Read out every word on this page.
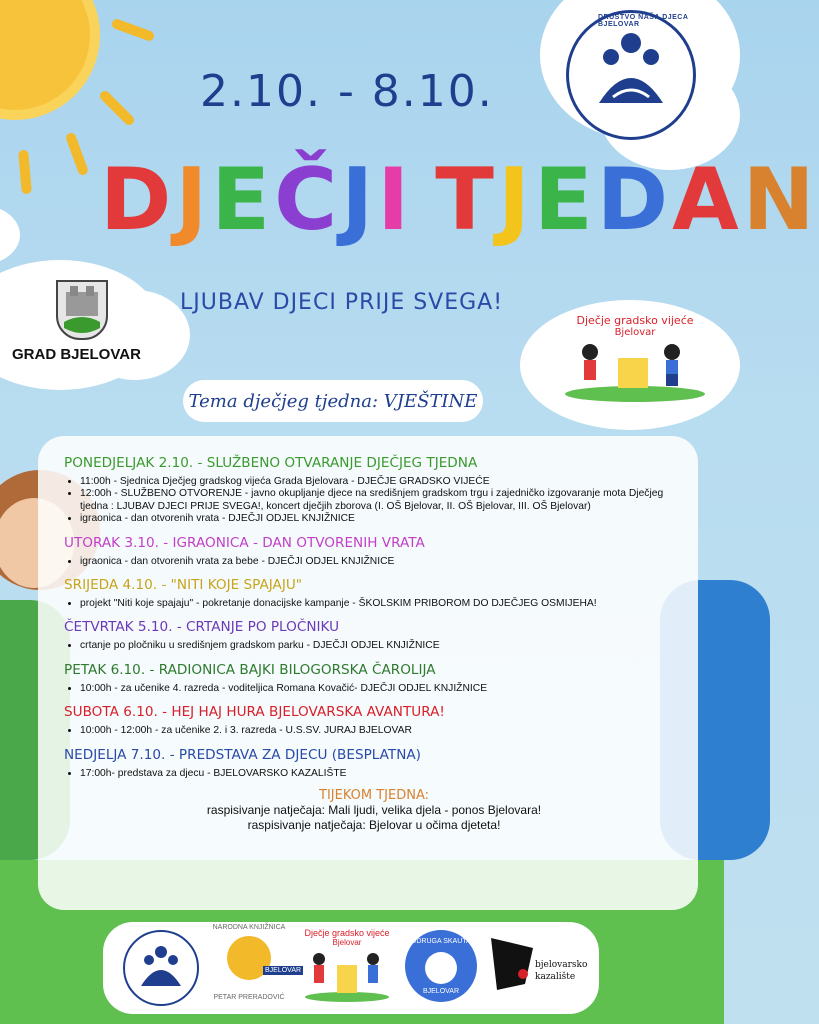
DRUŠTVO NAŠA DJECA BJELOVAR
2.10. - 8.10.
DJEČJI TJEDAN
GRAD BJELOVAR
LJUBAV DJECI PRIJE SVEGA!
Dječje gradsko vijeće
Bjelovar
Tema dječjeg tjedna: VJEŠTINE
PONEDJELJAK 2.10. - SLUŽBENO OTVARANJE DJEČJEG TJEDNA
• 11:00h - Sjednica Dječjeg gradskog vijeća Grada Bjelovara - DJEČJE GRADSKO VIJEĆE
• 12:00h - SLUŽBENO OTVORENJE - javno okupljanje djece na središnjem gradskom trgu i zajedničko izgovaranje mota Dječjeg tjedna : LJUBAV DJECI PRIJE SVEGA!, koncert dječjih zborova (I. OŠ Bjelovar, II. OŠ Bjelovar, III. OŠ Bjelovar)
• igraonica - dan otvorenih vrata - DJEČJI ODJEL KNJIŽNICE
UTORAK 3.10. - IGRAONICA - DAN OTVORENIH VRATA
• igraonica - dan otvorenih vrata za bebe - DJEČJI ODJEL KNJIŽNICE
SRIJEDA 4.10. - "NITI KOJE SPAJAJU"
• projekt "Niti koje spajaju" - pokretanje donacijske kampanje - ŠKOLSKIM PRIBOROM DO DJEČJEG OSMIJEHA!
ČETVRTAK 5.10. - CRTANJE PO PLOČNIKU
• crtanje po pločniku u središnjem gradskom parku - DJEČJI ODJEL KNJIŽNICE
PETAK 6.10. - RADIONICA BAJKI BILOGORSKA ČAROLIJA
• 10:00h - za učenike 4. razreda - voditeljica Romana Kovačić- DJEČJI ODJEL KNJIŽNICE
SUBOTA 6.10. - HEJ HAJ HURA BJELOVARSKA AVANTURA!
• 10:00h - 12:00h - za učenike 2. i 3. razreda - U.S.SV. JURAJ BJELOVAR
NEDJELJA 7.10. - PREDSTAVA ZA DJECU (BESPLATNA)
• 17:00h- predstava za djecu - BJELOVARSKO KAZALIŠTE
TIJEKOM TJEDNA:
raspisivanje natječaja: Mali ljudi, velika djela - ponos Bjelovara!
raspisivanje natječaja: Bjelovar u očima djeteta!
NARODNA KNJIŽNICA
BJELOVAR
PETAR PRERADOVIĆ
Dječje gradsko vijeće
Bjelovar	UDRUGA SKAUTA
BJELOVAR
bjelovarsko
kazalište
